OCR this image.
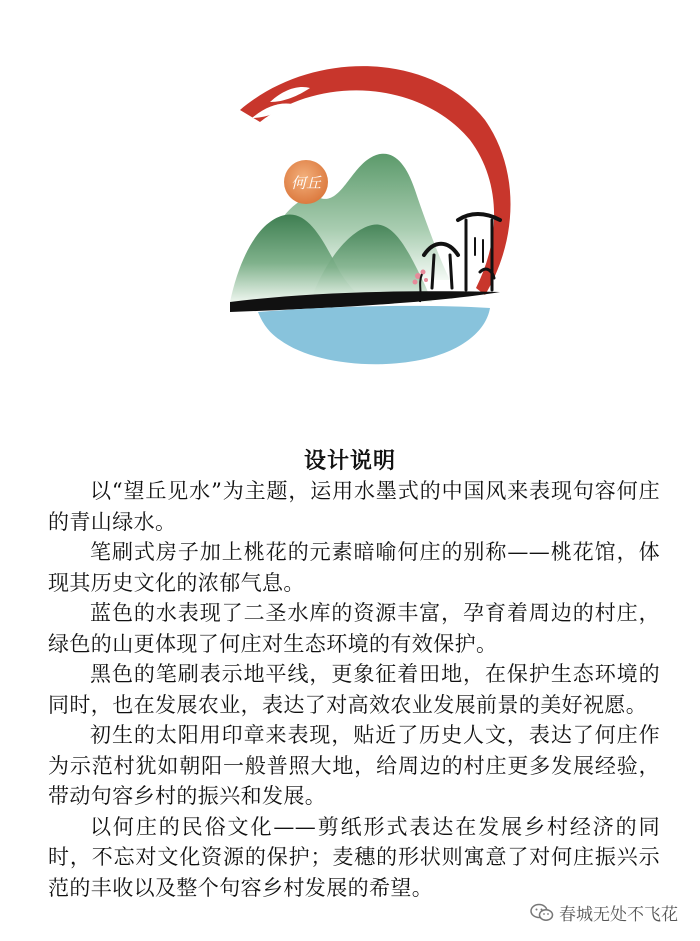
何丘
设计说明

以“望丘见水”为主题，运用水墨式的中国风来表现句容何庄的青山绿水。

笔刷式房子加上桃花的元素暗喻何庄的别称——桃花馆，体现其历史文化的浓郁气息。

蓝色的水表现了二圣水库的资源丰富，孕育着周边的村庄，绿色的山更体现了何庄对生态环境的有效保护。

黑色的笔刷表示地平线，更象征着田地，在保护生态环境的同时，也在发展农业，表达了对高效农业发展前景的美好祝愿。

初生的太阳用印章来表现，贴近了历史人文，表达了何庄作为示范村犹如朝阳一般普照大地，给周边的村庄更多发展经验，带动句容乡村的振兴和发展。

以何庄的民俗文化——剪纸形式表达在发展乡村经济的同时，不忘对文化资源的保护；麦穗的形状则寓意了对何庄振兴示范的丰收以及整个句容乡村发展的希望。

春城无处不飞花
